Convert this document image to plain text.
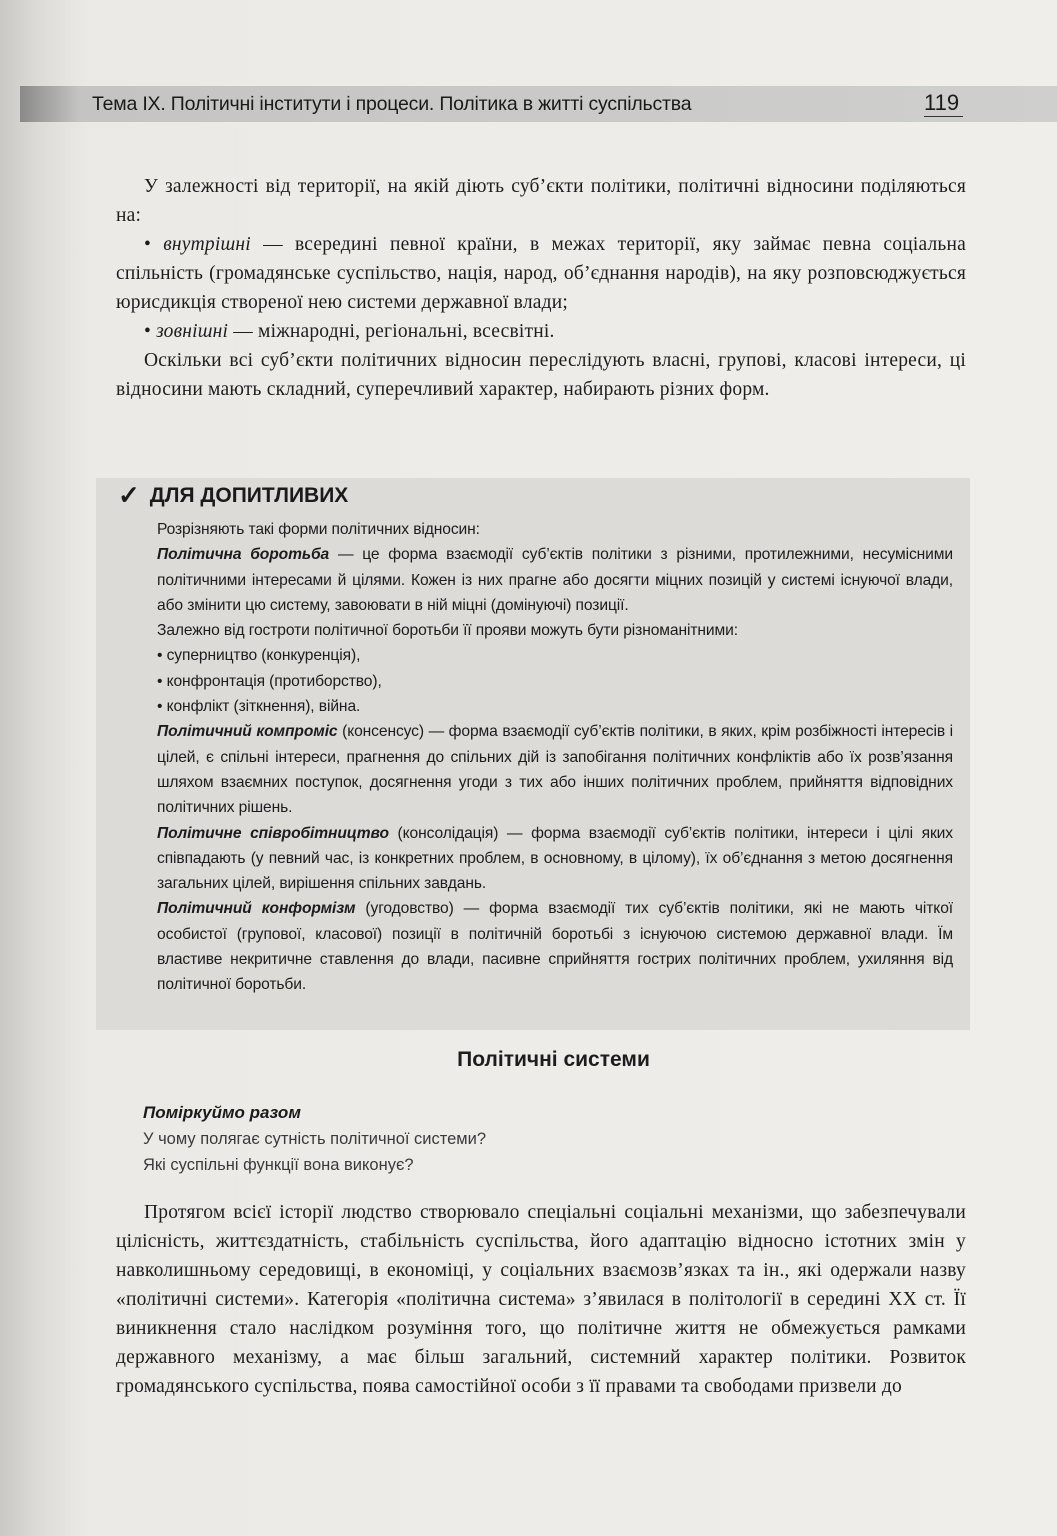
Тема IX. Політичні інститути і процеси. Політика в житті суспільства	119

У залежності від території, на якій діють суб’єкти політики, політичні відносини поділяються на:

• внутрішні — всередині певної країни, в межах території, яку займає певна соціальна спільність (громадянське суспільство, нація, народ, об’єднання народів), на яку розповсюджується юрисдикція створеної нею системи державної влади;

• зовнішні — міжнародні, регіональні, всесвітні.

Оскільки всі суб’єкти політичних відносин переслідують власні, групові, класові інтереси, ці відносини мають складний, суперечливий характер, набирають різних форм.

✓ ДЛЯ ДОПИТЛИВИХ
Розрізняють такі форми політичних відносин:
Політична боротьба — це форма взаємодії суб’єктів політики з різними, протилежними, несумісними політичними інтересами й цілями. Кожен із них прагне або досягти міцних позицій у системі існуючої влади, або змінити цю систему, завоювати в ній міцні (домінуючі) позиції.
Залежно від гостроти політичної боротьби її прояви можуть бути різноманітними:
• суперництво (конкуренція),
• конфронтація (протиборство),
• конфлікт (зіткнення), війна.
Політичний компроміс (консенсус) — форма взаємодії суб’єктів політики, в яких, крім розбіжності інтересів і цілей, є спільні інтереси, прагнення до спільних дій із запобігання політичних конфліктів або їх розв’язання шляхом взаємних поступок, досягнення угоди з тих або інших політичних проблем, прийняття відповідних політичних рішень.
Політичне співробітництво (консолідація) — форма взаємодії суб’єктів політики, інтереси і цілі яких співпадають (у певний час, із конкретних проблем, в основному, в цілому), їх об’єднання з метою досягнення загальних цілей, вирішення спільних завдань.
Політичний конформізм (угодовство) — форма взаємодії тих суб’єктів політики, які не мають чіткої особистої (групової, класової) позиції в політичній боротьбі з існуючою системою державної влади. Їм властиве некритичне ставлення до влади, пасивне сприйняття гострих політичних проблем, ухиляння від політичної боротьби.
Політичні системи
Поміркуймо разом
У чому полягає сутність політичної системи?
Які суспільні функції вона виконує?

Протягом всієї історії людство створювало спеціальні соціальні механізми, що забезпечували цілісність, життєздатність, стабільність суспільства, його адаптацію відносно істотних змін у навколишньому середовищі, в економіці, у соціальних взаємозв’язках та ін., які одержали назву «політичні системи». Категорія «політична система» з’явилася в політології в середині XX ст. Її виникнення стало наслідком розуміння того, що політичне життя не обмежується рамками державного механізму, а має більш загальний, системний характер політики. Розвиток громадянського суспільства, поява самостійної особи з її правами та свободами призвели до
